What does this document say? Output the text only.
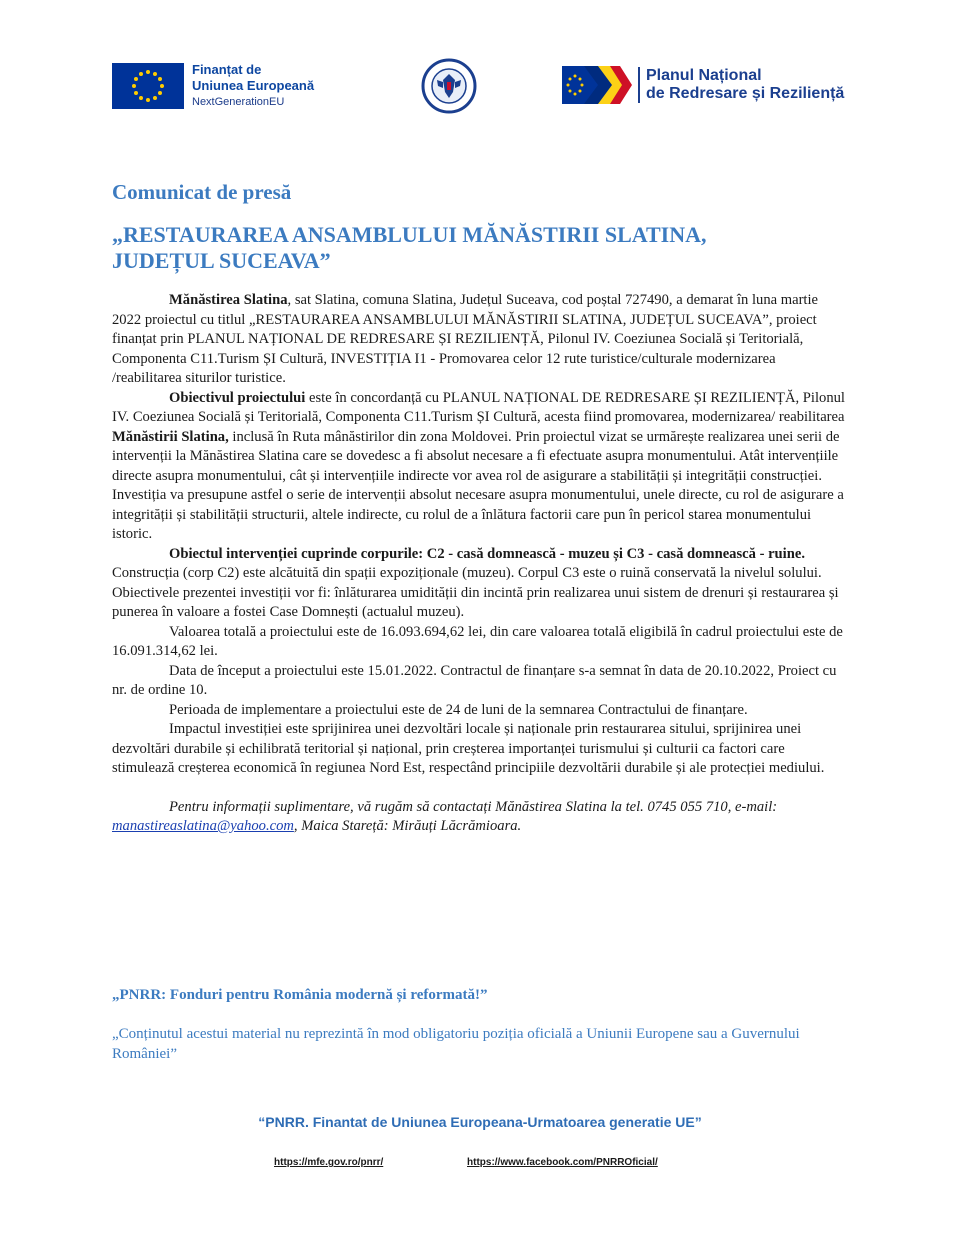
Finanțat de
Uniunea Europeană
NextGenerationEU
Planul Național
de Redresare și Reziliență
Comunicat de presă
„RESTAURAREA ANSAMBLULUI MĂNĂSTIRII SLATINA,
JUDEȚUL SUCEAVA”

Mănăstirea Slatina, sat Slatina, comuna Slatina, Județul Suceava, cod poștal 727490, a demarat în luna martie 2022 proiectul cu titlul „RESTAURAREA ANSAMBLULUI MĂNĂSTIRII SLATINA, JUDEȚUL SUCEAVA”, proiect finanțat prin PLANUL NAȚIONAL DE REDRESARE ȘI REZILIENȚĂ, Pilonul IV. Coeziunea Socială și Teritorială, Componenta C11.Turism ȘI Cultură, INVESTIȚIA I1 - Promovarea celor 12 rute turistice/culturale modernizarea /reabilitarea siturilor turistice.

Obiectivul proiectului este în concordanță cu PLANUL NAȚIONAL DE REDRESARE ȘI REZILIENȚĂ, Pilonul IV. Coeziunea Socială și Teritorială, Componenta C11.Turism ȘI Cultură, acesta fiind promovarea, modernizarea/ reabilitarea Mănăstirii Slatina, inclusă în Ruta mânăstirilor din zona Moldovei. Prin proiectul vizat se urmărește realizarea unei serii de intervenții la Mănăstirea Slatina care se dovedesc a fi absolut necesare a fi efectuate asupra monumentului. Atât intervențiile directe asupra monumentului, cât și intervențiile indirecte vor avea rol de asigurare a stabilității și integrității construcției. Investiția va presupune astfel o serie de intervenții absolut necesare asupra monumentului, unele directe, cu rol de asigurare a integrității și stabilității structurii, altele indirecte, cu rolul de a înlătura factorii care pun în pericol starea monumentului istoric.

Obiectul intervenției cuprinde corpurile: C2 - casă domnească - muzeu și C3 - casă domnească - ruine.

Construcția (corp C2) este alcătuită din spații expoziționale (muzeu). Corpul C3 este o ruină conservată la nivelul solului. Obiectivele prezentei investiții vor fi: înlăturarea umidității din incintă prin realizarea unui sistem de drenuri și restaurarea și punerea în valoare a fostei Case Domnești (actualul muzeu).

Valoarea totală a proiectului este de 16.093.694,62 lei, din care valoarea totală eligibilă în cadrul proiectului este de 16.091.314,62 lei.

Data de început a proiectului este 15.01.2022. Contractul de finanțare s-a semnat în data de 20.10.2022, Proiect cu nr. de ordine 10.

Perioada de implementare a proiectului este de 24 de luni de la semnarea Contractului de finanțare.

Impactul investiției este sprijinirea unei dezvoltări locale și naționale prin restaurarea sitului, sprijinirea unei dezvoltări durabile și echilibrată teritorial și național, prin creșterea importanței turismului și culturii ca factori care stimulează creșterea economică în regiunea Nord Est, respectând principiile dezvoltării durabile și ale protecției mediului.

Pentru informații suplimentare, vă rugăm să contactați Mănăstirea Slatina la tel. 0745 055 710, e-mail: manastireaslatina@yahoo.com, Maica Stareță: Mirăuți Lăcrămioara.

„PNRR: Fonduri pentru România modernă și reformată!”
„Conținutul acestui material nu reprezintă în mod obligatoriu poziția oficială a Uniunii Europene sau a Guvernului României”
“PNRR. Finantat de Uniunea Europeana-Urmatoarea generatie UE”
https://mfe.gov.ro/pnrr/	https://www.facebook.com/PNRROficial/
